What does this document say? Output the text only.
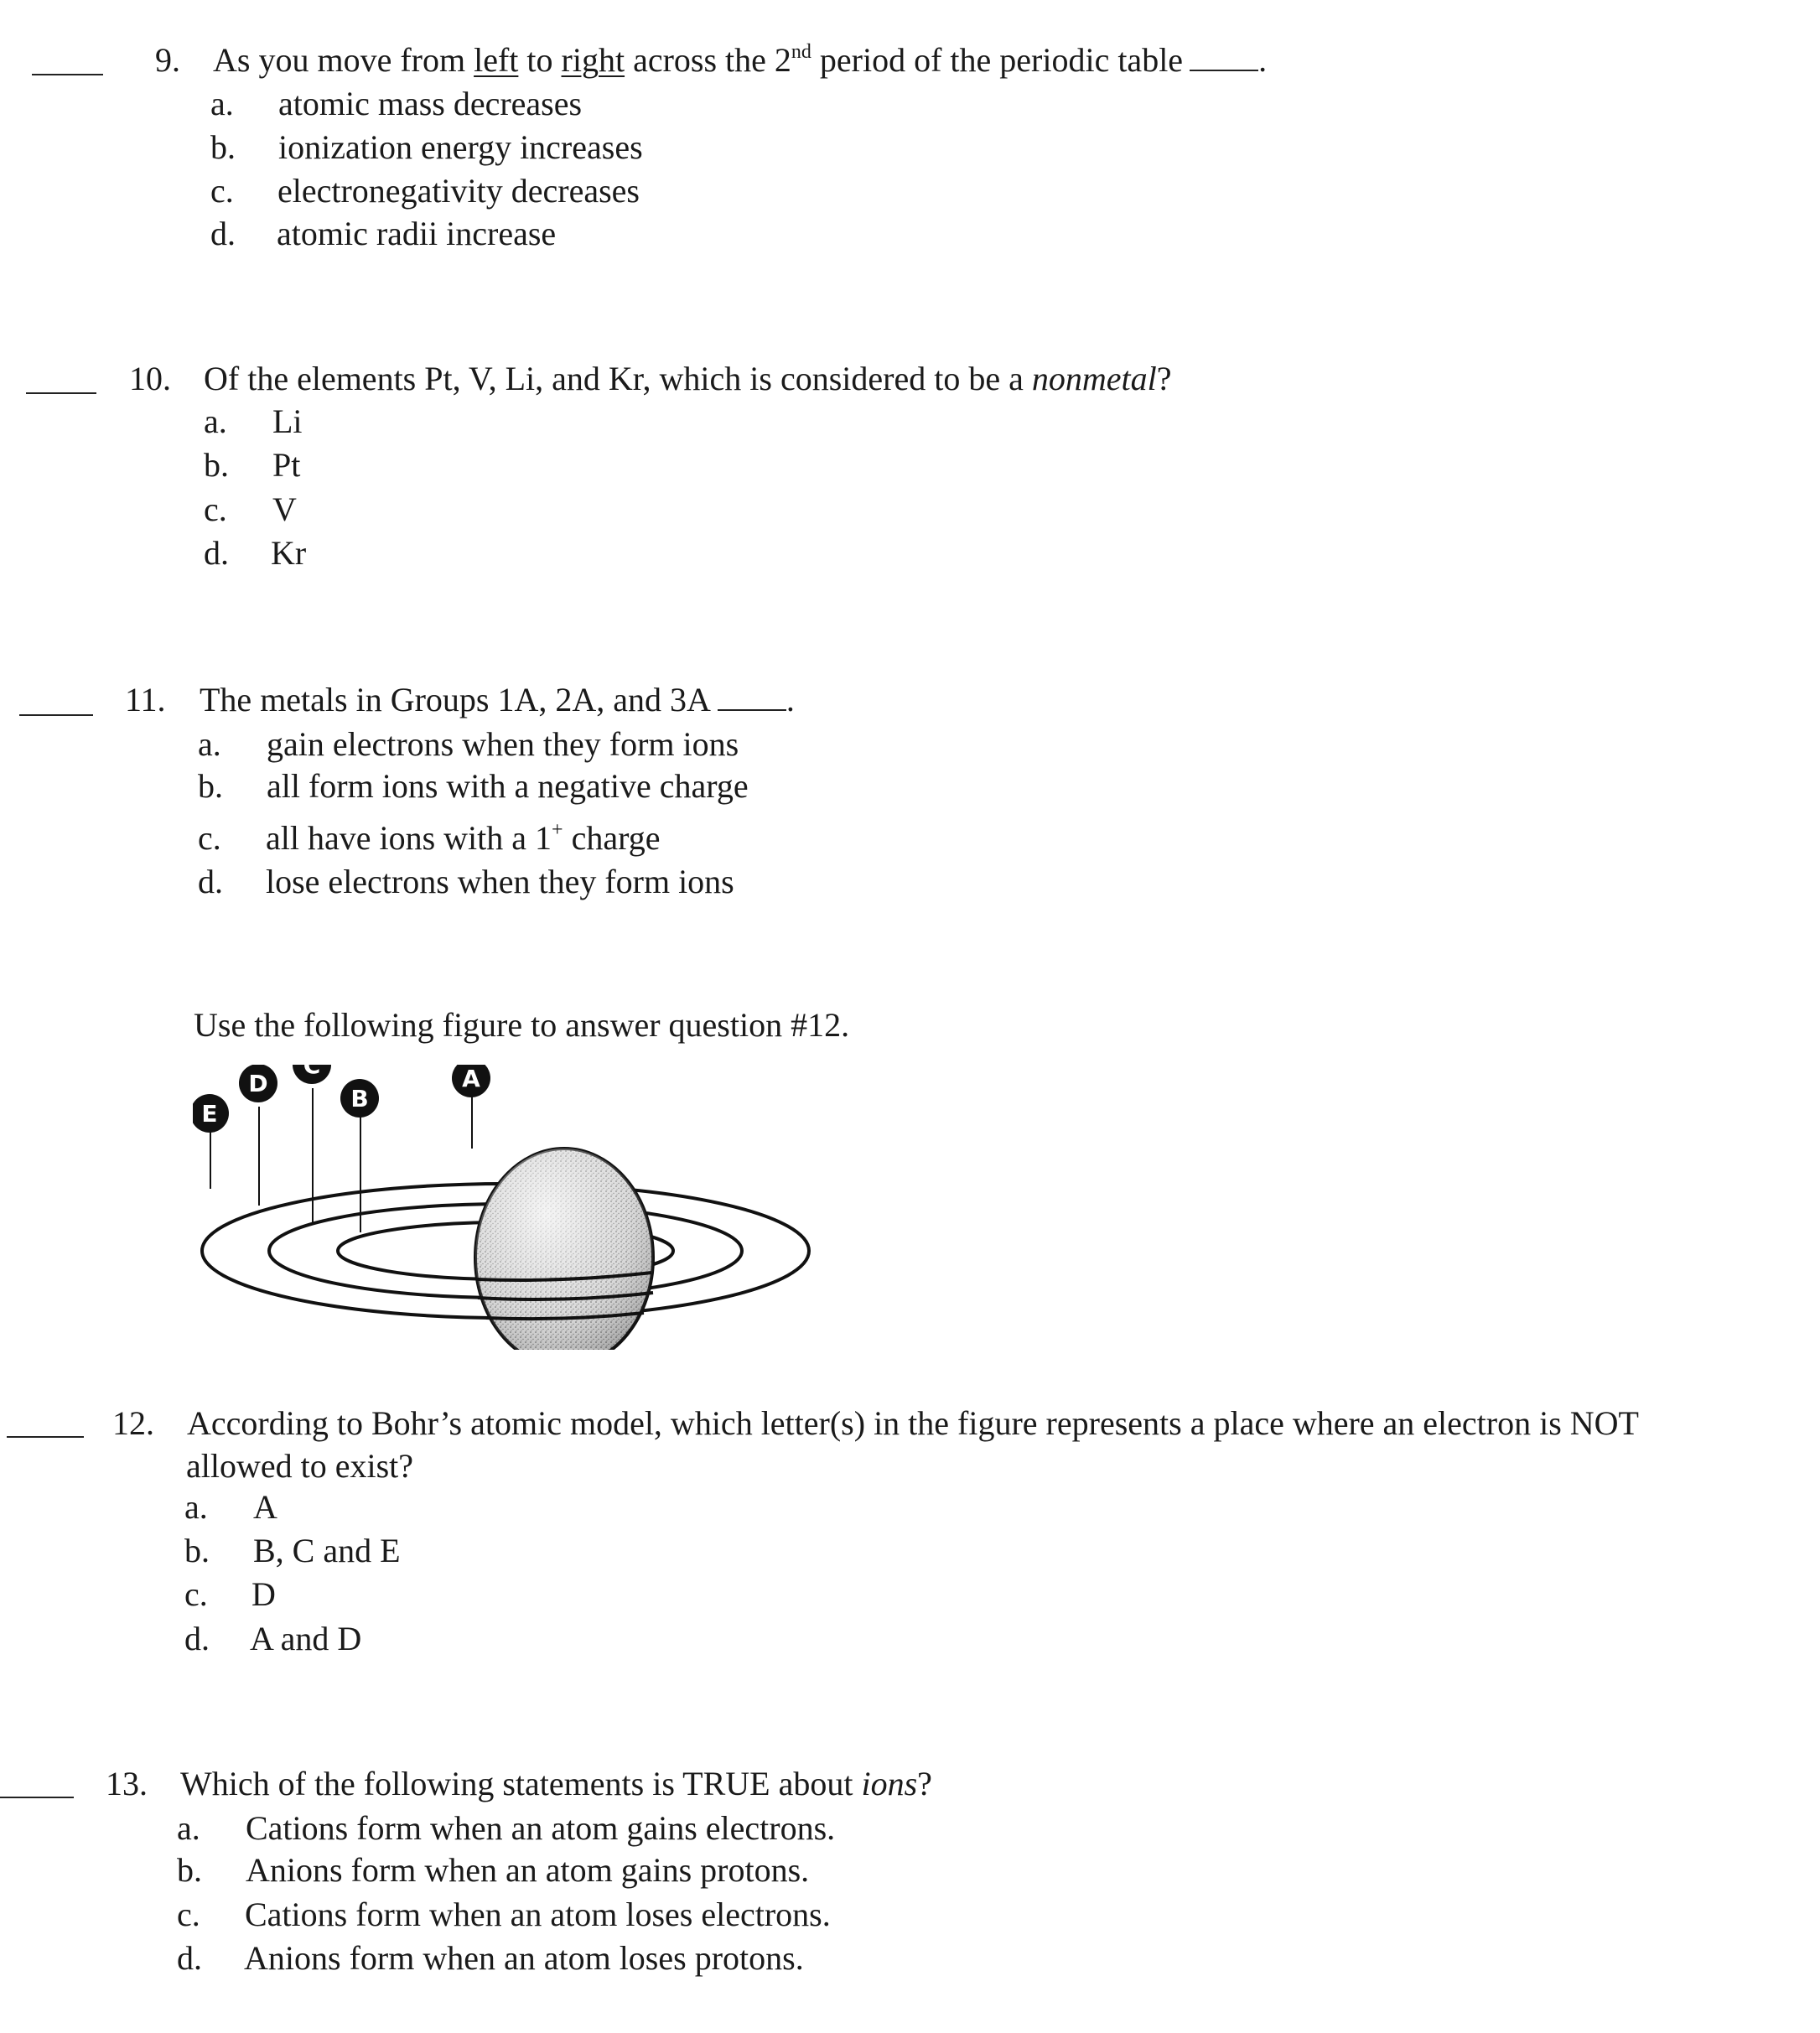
9. As you move from left to right across the 2nd period of the periodic table .
a. atomic mass decreases
b. ionization energy increases
c. electronegativity decreases
d. atomic radii increase
10. Of the elements Pt, V, Li, and Kr, which is considered to be a nonmetal?
a. Li
b. Pt
c. V
d. Kr
11. The metals in Groups 1A, 2A, and 3A .
a. gain electrons when they form ions
b. all form ions with a negative charge
c. all have ions with a 1+ charge
d. lose electrons when they form ions
Use the following figure to answer question #12.
E
D
C
B
A
12. According to Bohr’s atomic model, which letter(s) in the figure represents a place where an electron is NOT
allowed to exist?
a. A
b. B, C and E
c. D
d. A and D
13. Which of the following statements is TRUE about ions?
a. Cations form when an atom gains electrons.
b. Anions form when an atom gains protons.
c. Cations form when an atom loses electrons.
d. Anions form when an atom loses protons.
